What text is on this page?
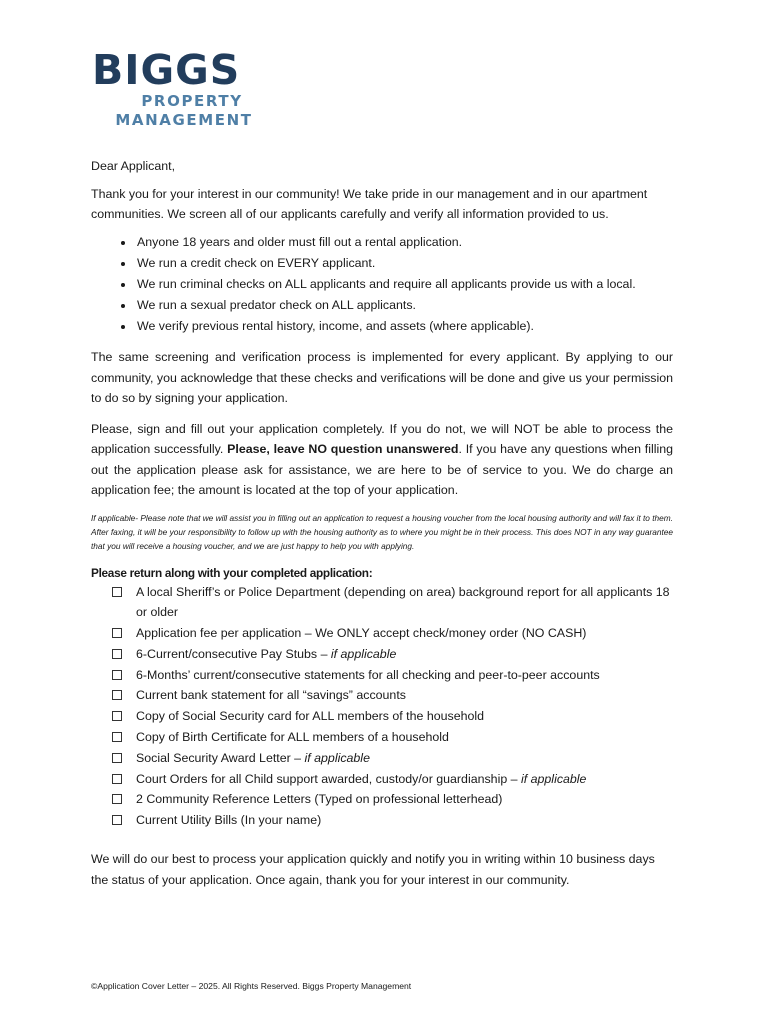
BIGGS
PROPERTY
MANAGEMENT

Dear Applicant,

Thank you for your interest in our community! We take pride in our management and in our apartment communities. We screen all of our applicants carefully and verify all information provided to us.

• Anyone 18 years and older must fill out a rental application.
• We run a credit check on EVERY applicant.
• We run criminal checks on ALL applicants and require all applicants provide us with a local.
• We run a sexual predator check on ALL applicants.
• We verify previous rental history, income, and assets (where applicable).

The same screening and verification process is implemented for every applicant. By applying to our community, you acknowledge that these checks and verifications will be done and give us your permission to do so by signing your application.

Please, sign and fill out your application completely. If you do not, we will NOT be able to process the application successfully. Please, leave NO question unanswered. If you have any questions when filling out the application please ask for assistance, we are here to be of service to you. We do charge an application fee; the amount is located at the top of your application.

If applicable- Please note that we will assist you in filling out an application to request a housing voucher from the local housing authority and will fax it to them. After faxing, it will be your responsibility to follow up with the housing authority as to where you might be in their process. This does NOT in any way guarantee that you will receive a housing voucher, and we are just happy to help you with applying.

Please return along with your completed application:

A local Sheriff’s or Police Department (depending on area) background report for all applicants 18 or older
Application fee per application – We ONLY accept check/money order (NO CASH)
6-Current/consecutive Pay Stubs – if applicable
6-Months’ current/consecutive statements for all checking and peer-to-peer accounts
Current bank statement for all “savings” accounts
Copy of Social Security card for ALL members of the household
Copy of Birth Certificate for ALL members of a household
Social Security Award Letter – if applicable
Court Orders for all Child support awarded, custody/or guardianship – if applicable
2 Community Reference Letters (Typed on professional letterhead)
Current Utility Bills (In your name)

We will do our best to process your application quickly and notify you in writing within 10 business days the status of your application. Once again, thank you for your interest in our community.

©Application Cover Letter – 2025. All Rights Reserved. Biggs Property Management
